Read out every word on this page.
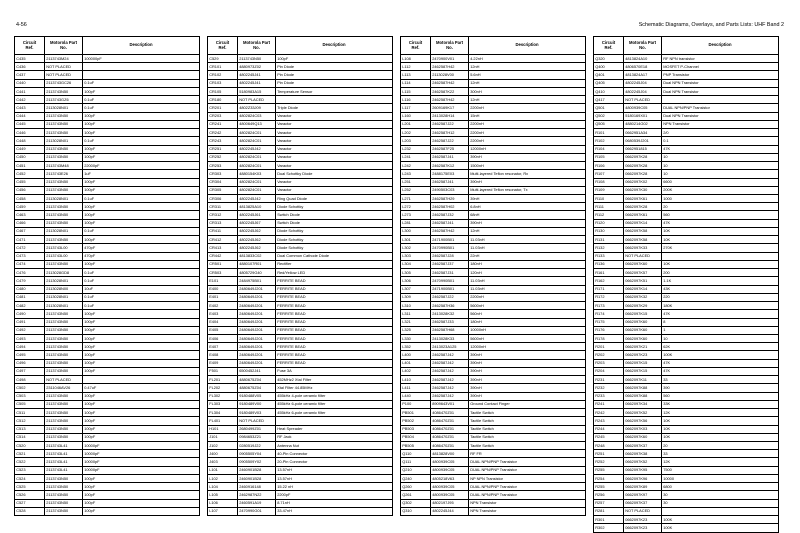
4-56	Schematic Diagrams, Overlays, and Parts Lists: UHF Band 2
Circuit
Ref.	Motorola Part
No.	Description
C435	2113743M24	100000pF
C436	NOT PLACED	
C437	NOT PLACED	
C440	2113743GC26	0.1uF
C441	2113743N50	100pF
C442	2113743GZ6	0.1uF
C443	2113028N01	0.1uF
C444	2113743N50	100pF
C445	2113743N50	100pF
C446	2113743N50	100pF
C448	2113028N01	0.1uF
C449	2113743N50	100pF
C450	2113743N50	100pF
C451	2113743M48	22000pF
C452	2113743E26	1uF
C455	2113743N50	100pF
C456	2113743N50	100pF
C458	2113028N01	0.1uF
C459	2113743N50	100pF
C463	2113743N50	100pF
C466	2113743N50	100pF
C467	2113028N01	0.1uF
C471	2113743N50	100pF
C472	2113743L00	470pF
C473	2113743L00	470pF
C474	2113743N50	100pF
C476	2113028GD8	0.1uF
C479	2113028N01	0.1uF
C480	2113028N00	10uF
C481	2113028N01	0.1uF
C482	2113028N01	0.1uF
C490	2113743N50	100pF
C491	2113743N50	100pF
C492	2113743N50	100pF
C493	2113743N50	100pF
C494	2113743N50	100pF
C495	2113743N50	100pF
C496	2113743N50	100pF
C497	2113743N50	100pF
C498	NOT PLACED	
C502	2311046AV26	0.47uF
C503	2113743N50	100pF
C505	2113743N50	100pF
C511	2113743N50	100pF
C512	2113743N50	100pF
C513	2113743N50	100pF
C514	2113743N50	100pF
C520	2113743L41	10000pF
C521	2113743L41	10000pF
C522	2113743L41	10000pF
C523	2113743L41	10000pF
C524	2113743N50	100pF
C525	2113743N50	100pF
C526	2113743N50	100pF
C527	2113743N50	100pF
C528	2113743N50	100pF
Circuit
Ref.	Motorola Part
No.	Description
C529	2113743N50	100pF
CR101	4880973Z02	Pin Diode
CR102	4802245J41	Pin Diode
CR103	4802245J41	Pin Diode
CR105	5180983A15	Temperature Sensor
CR180	NOT PLACED	
CR201	4802Z33J09	Triple Diode
CR203	4802824C03	Varactor
CR241	4800649Q13	Varactor
CR242	4802824C01	Varactor
CR243	4802824C01	Varactor
CR251	4802245J42	Varactor
CR252	4802824C01	Varactor
CR253	4802824C01	Varactor
CR303	4880154K03	Dual Schottky Diode
CR304	4802824C01	Varactor
CR305	4802824C01	Varactor
CR306	4802245J42	Ring Quad Diode
CR311	4813825A10	Diode Schottky
CR312	4802245J61	Switch Diode
CR313	4802245J67	Switch Diode
CR411	4802245J62	Diode Schottky
CR412	4802245J62	Diode Schottky
CR413	4802245J62	Diode Schottky
CR442	4813833C02	Dual Common Cathode Diode
CR501	4880107R01	Rectifier
CR503	4805729G40	Red/Yellow LED
E101	2484975B01	FERRITE BEAD
E400	2480649J201	FERRITE BEAD
E401	2480649J201	FERRITE BEAD
E402	2480649J201	FERRITE BEAD
E403	2480649J201	FERRITE BEAD
E404	2480649J201	FERRITE BEAD
E405	2480649J201	FERRITE BEAD
E406	2480649J201	FERRITE BEAD
E407	2480649J201	FERRITE BEAD
E408	2480649J201	FERRITE BEAD
E409	2480649J201	FERRITE BEAD
F501	6500452J41	Fuse 3A
FL201	4880675Z04	452MHz2 Xtal Filter
FL202	4880675Z04	Xtal Filter 44.85MHz
FL302	9180488V05	455kHz 4-pole ceramic filter
FL303	9180489V00	455kHz 6-pole ceramic filter
FL304	9180489V03	455kHz 6-pole ceramic filter
FL401	NOT PLACED	
H101	2680499Z01	Heat Spreader
J101	0984653Z21	RF Jack
J102	0280519J22	Antenna Nut
J400	0905505Y04	40-Pin Connector
J403	0905509Y02	20-Pin Connector
L101	2460901B28	13.57nH
L102	2460901B28	13.57nH
L104	2460916148	15.22 nH
L105	2462987N22	2200pF
L106	2460591A19	8.71nH
L107	2470990G01	33.47nH
Circuit
Ref.	Motorola Part
No.	Description
L108	2470900V01	4.22nH
L112	2462587H42	12nH
L113	2113028V00	5.6nH
L114	2462587H42	12nH
L115	2462587K22	300nH
L116	2462587H42	12nH
L117	2609169K17	2200nH
L160	2413028H14	15nH
L201	2462587J22	2200nH
L202	2462587H12	2200nH
L203	2462587J22	2200nH
L232	2462587F25	12000nH
L241	2462587J41	390nH
L242	2462587K12	1500nH
L243	2488175E03	Multi-layered Teflon resonator, Rx
L251	2462587J41	390nH
L252	2490503C03	Multi-layered Teflon resonator, Tx
L271	2462587H29	39nH
L272	2462587H02	6.8nH
L273	2462587J32	68nH
L281	2462587J41	390nH
L300	2462587H42	12nH
L301	2471900B01	11.03nH
L302	2470990B01	11.03nH
L303	2462587J28	22nH
L304	2462587J37	180nH
L305	2462587J31	120nH
L306	2470990B01	11.03nH
L307	2471900B01	11.03nH
L309	2462587J22	2200nH
L310	2462587H36	5600nH
L311	2413028K32	560nH
L321	2462587J33	180nH
L325	2462587H68	10000nH
L330	2413028K33	5600nH
L352	2413023A125	12000nH
L400	2462587J42	390nH
L401	2462587J42	390nH
L402	2462587J42	390nH
L410	2462587J42	390nH
L411	2462587J42	390nH
L440	2462587J42	390nH
P100	8909643V01	Ground Contact Finger
PB501	4086470Z01	Tactile Switch
PB502	4086470Z01	Tactile Switch
PB503	4086470Z01	Tactile Switch
PB504	4086470Z01	Tactile Switch
PB505	4086470Z01	Tactile Switch
Q110	4813828V00	RF FR
Q111	4800939C05	DUAL NPN/PNP Transistor
Q210	4800939C05	DUAL NPN/PNP Transistor
Q240	4805218V63	NP NPN Transistor
Q260	4800939C05	DUAL NPN/PNP Transistor
Q261	4800939C05	DUAL NPN/PNP Transistor
Q302	4802197J95	NPN Transistor
Q310	4802245J44	NPN Transistor
Circuit
Ref.	Motorola Part
No.	Description
Q320	4813824A10	RF NPN transistor
Q400	4806570E18	MOSFET P-Channel
Q401	4813824A17	PNP Transistor
Q405	4802245J04	Dual NPN Transistor
Q410	4802245J04	Dual NPN Transistor
Q417	NOT PLACED	
Q501	4800939C05	DUAL NPN/PNP Transistor
Q502	5180169X01	Dual NPN Transistor
Q505	4880214G02	NPN Transistor
R101	0662951A34	2/0
R102	0680539J201	0.1
R104	0662951815	47K
R105	0662097K28	10
R106	0662097K28	10
R107	0662097K28	10
R108	0662097K02	6600
R109	0662097K30	200K
R110	0662097K61	1000
R111	0662097K28	20
R112	0662097K61	560
R120	0662097K14	47K
R130	0662097K58	10K
R131	0662097K58	10K
R132	0662097K33	270K
R133	NOT PLACED	
R136	0662097K60	10K
R161	0662097K57	200
R162	0662097K51	1.1K
R171	0662097K14	43K
R172	0662097K32	220
R173	0662097K29	180K
R174	0662097K15	47K
R175	0662097K60	8
R176	0662097K60	1
R178	0662097K60	10
R201	0662097K21	62K
R202	0662097K23	100K
R203	0662097K15	47K
R204	0662097K15	47K
R231	0662097K11	33
R232	0662097K88	390
R233	0662097K88	560
R241	0662097K34	33K
R242	0662097K52	12K
R243	0662097K56	10K
R244	0662097K03	10K
R245	0662097K60	10K
R248	0662097K37	20
R251	0662097K38	33
R252	0662097K52	12K
R255	0662097K95	7500
R254	0662097K96	10000
R255	0662097K89	6800
R256	0662097K97	30
R257	0662097K37	30
R281	NOT PLACED	
R301	0662097K23	100K
R302	0662097K23	100K
